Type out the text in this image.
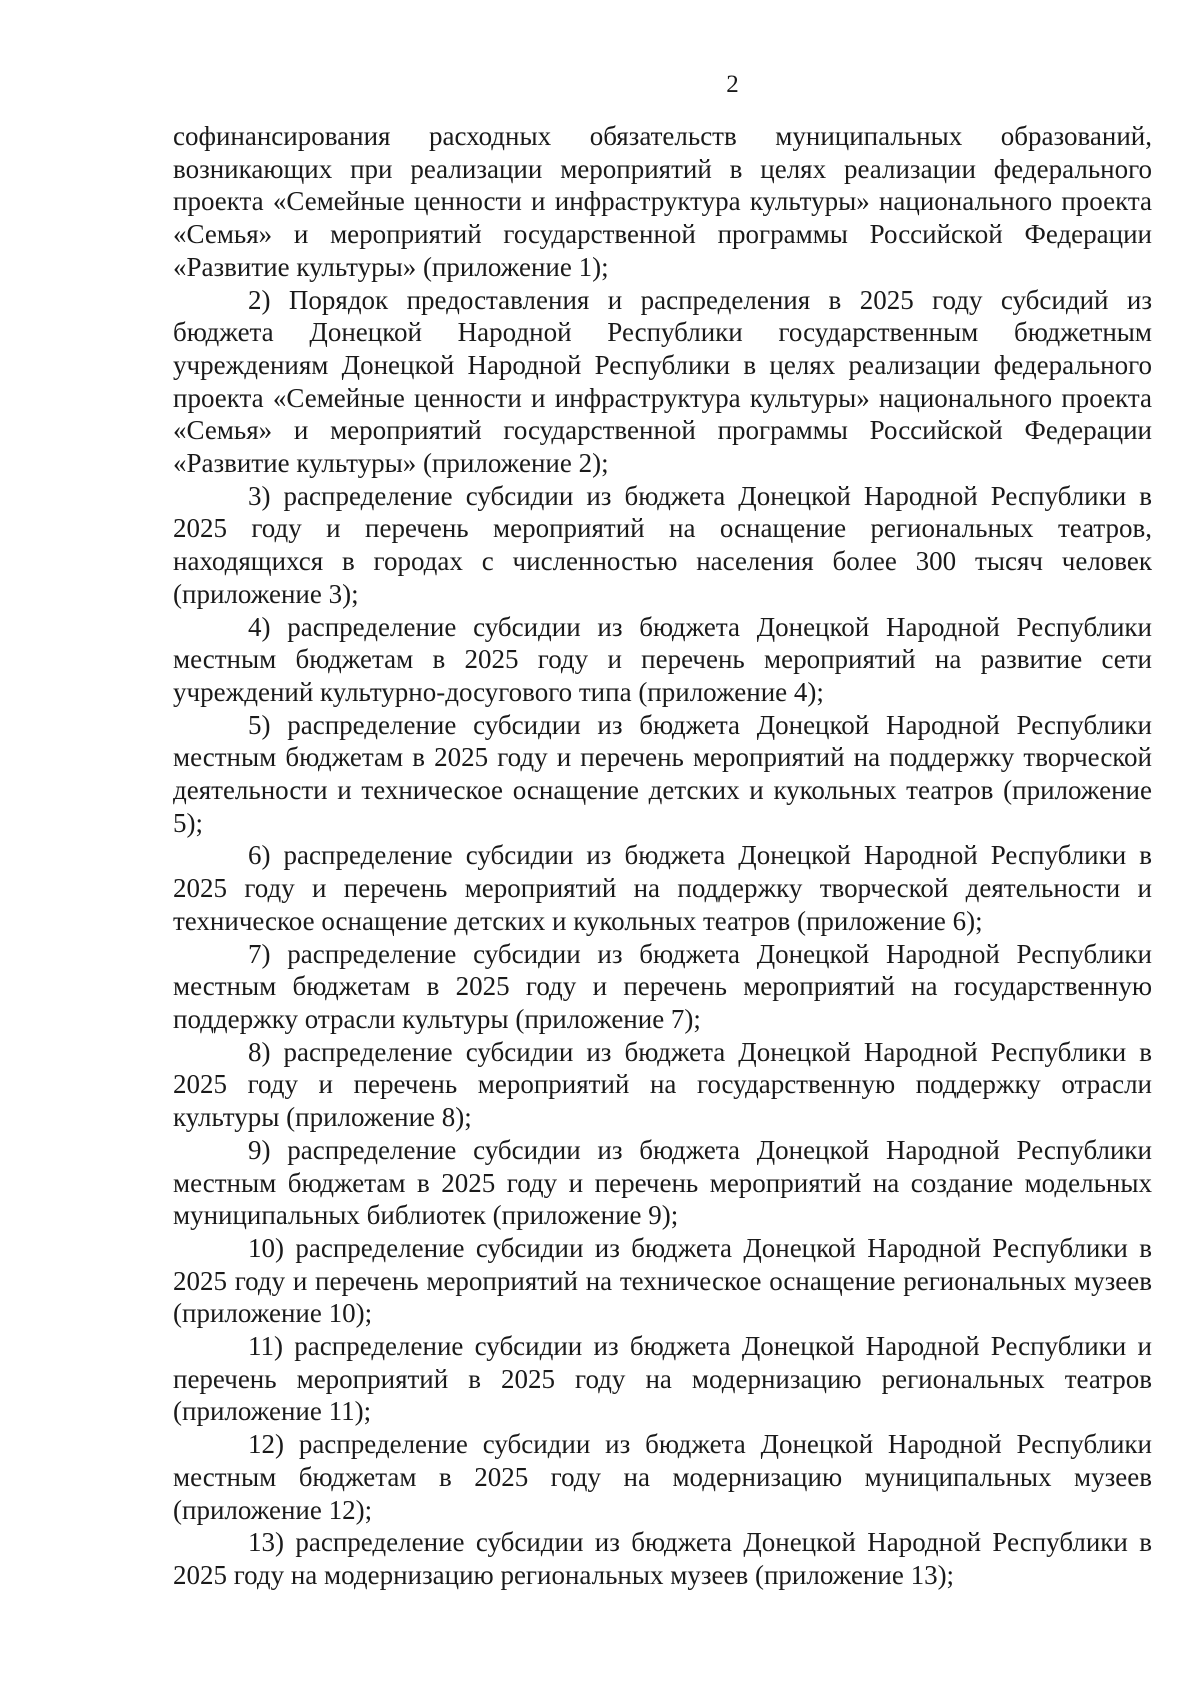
2

софинансирования расходных обязательств муниципальных образований, возникающих при реализации мероприятий в целях реализации федерального проекта «Семейные ценности и инфраструктура культуры» национального проекта «Семья» и мероприятий государственной программы Российской Федерации «Развитие культуры» (приложение 1);

2) Порядок предоставления и распределения в 2025 году субсидий из бюджета Донецкой Народной Республики государственным бюджетным учреждениям Донецкой Народной Республики в целях реализации федерального проекта «Семейные ценности и инфраструктура культуры» национального проекта «Семья» и мероприятий государственной программы Российской Федерации «Развитие культуры» (приложение 2);

3) распределение субсидии из бюджета Донецкой Народной Республики в 2025 году и перечень мероприятий на оснащение региональных театров, находящихся в городах с численностью населения более 300 тысяч человек (приложение 3);

4) распределение субсидии из бюджета Донецкой Народной Республики местным бюджетам в 2025 году и перечень мероприятий на развитие сети учреждений культурно-досугового типа (приложение 4);

5) распределение субсидии из бюджета Донецкой Народной Республики местным бюджетам в 2025 году и перечень мероприятий на поддержку творческой деятельности и техническое оснащение детских и кукольных театров (приложение 5);

6) распределение субсидии из бюджета Донецкой Народной Республики в 2025 году и перечень мероприятий на поддержку творческой деятельности и техническое оснащение детских и кукольных театров (приложение 6);

7) распределение субсидии из бюджета Донецкой Народной Республики местным бюджетам в 2025 году и перечень мероприятий на государственную поддержку отрасли культуры (приложение 7);

8) распределение субсидии из бюджета Донецкой Народной Республики в 2025 году и перечень мероприятий на государственную поддержку отрасли культуры (приложение 8);

9) распределение субсидии из бюджета Донецкой Народной Республики местным бюджетам в 2025 году и перечень мероприятий на создание модельных муниципальных библиотек (приложение 9);

10) распределение субсидии из бюджета Донецкой Народной Республики в 2025 году и перечень мероприятий на техническое оснащение региональных музеев (приложение 10);

11) распределение субсидии из бюджета Донецкой Народной Республики и перечень мероприятий в 2025 году на модернизацию региональных театров (приложение 11);

12) распределение субсидии из бюджета Донецкой Народной Республики местным бюджетам в 2025 году на модернизацию муниципальных музеев (приложение 12);

13) распределение субсидии из бюджета Донецкой Народной Республики в 2025 году на модернизацию региональных музеев (приложение 13);
